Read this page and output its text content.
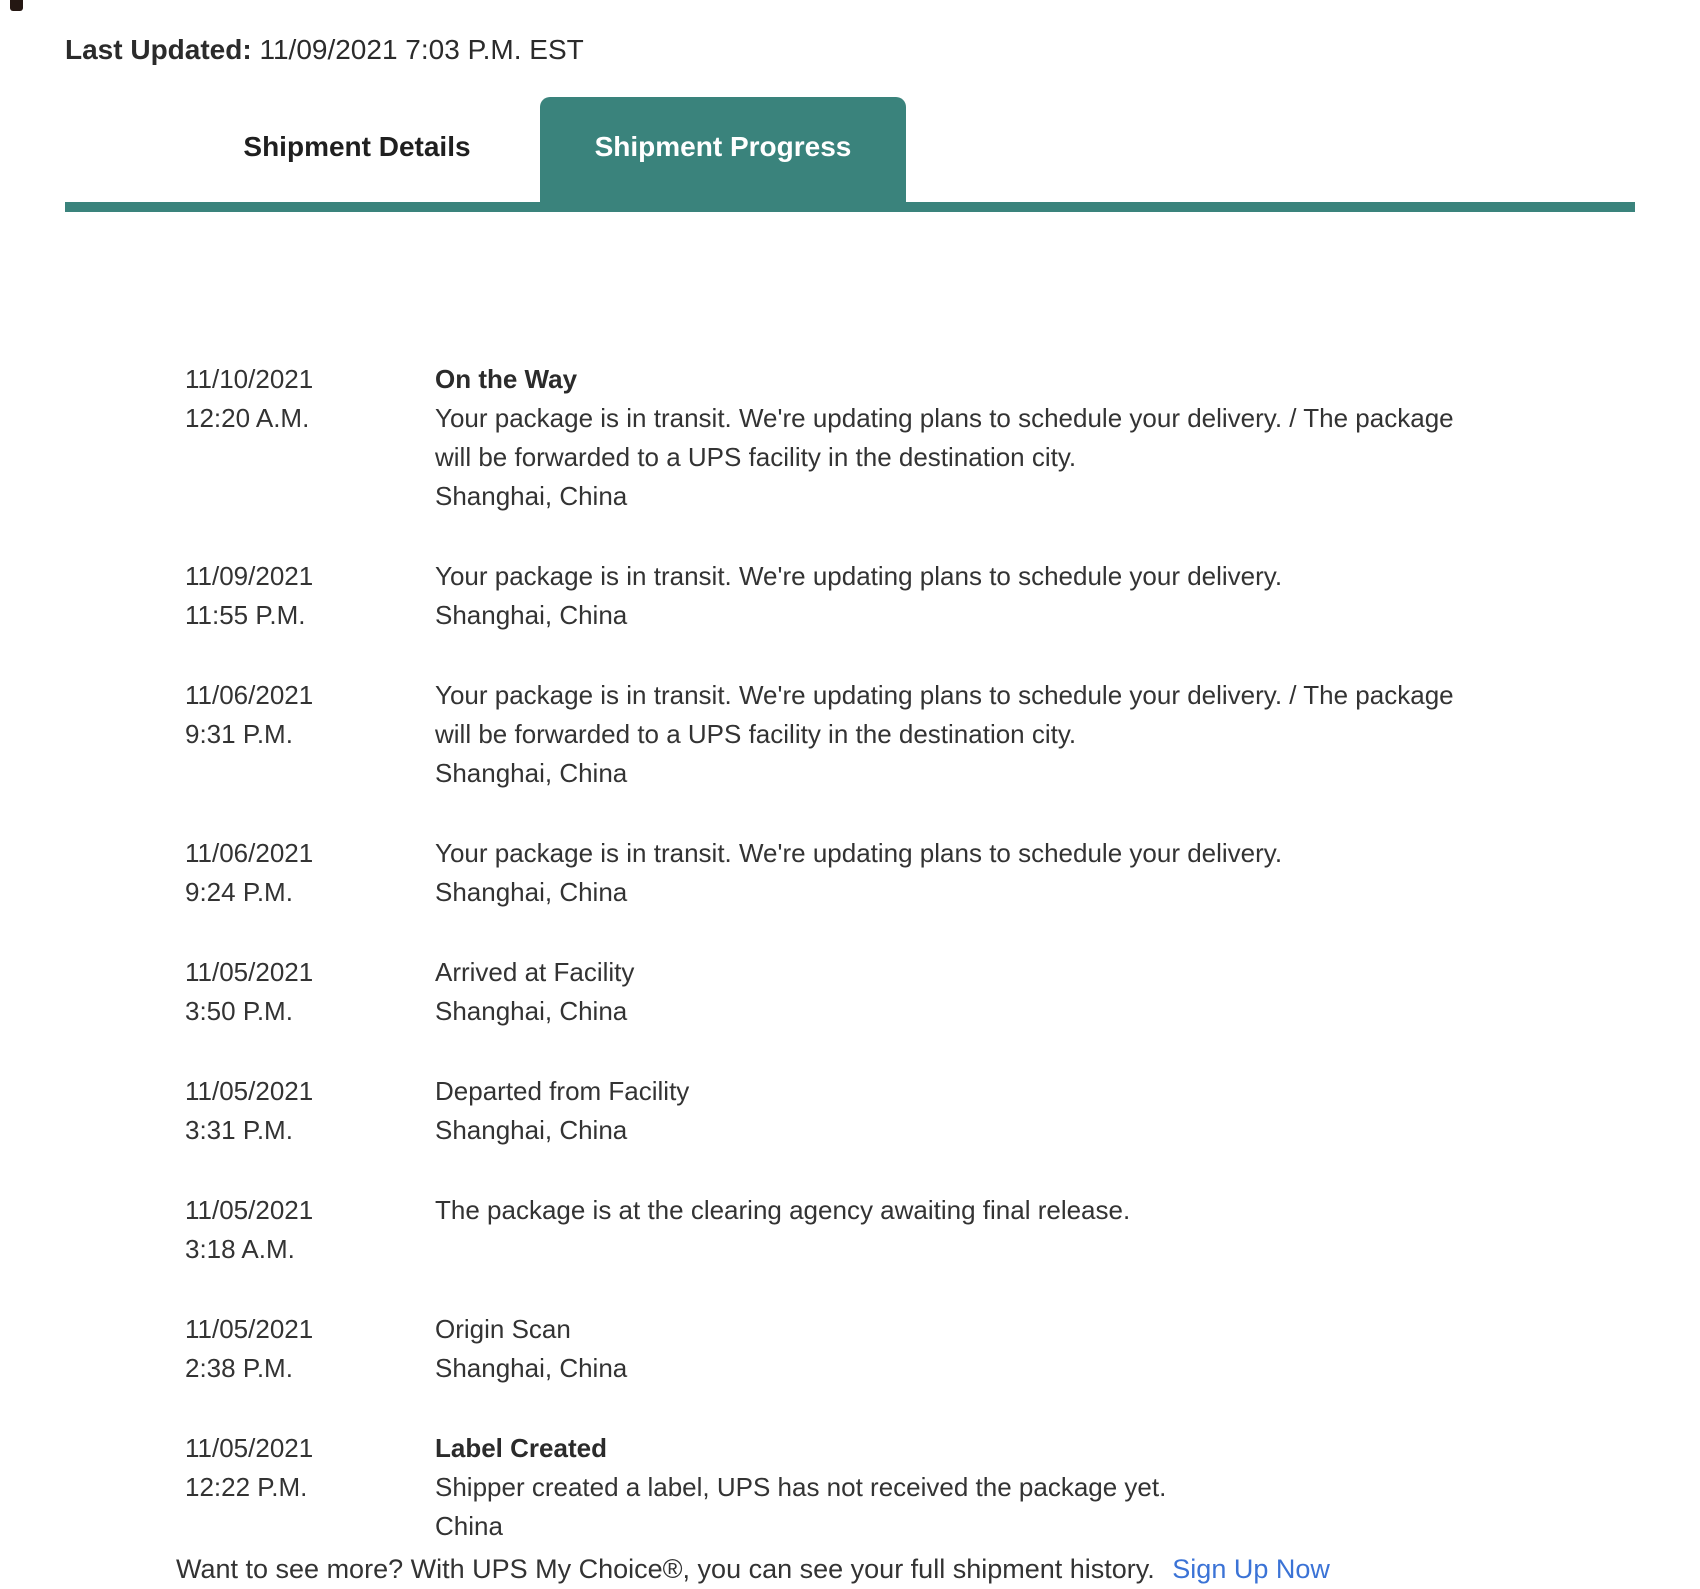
Last Updated: 11/09/2021 7:03 P.M. EST
Shipment Details	Shipment Progress
11/10/2021
12:20 A.M.
On the Way
Your package is in transit. We're updating plans to schedule your delivery. / The package will be forwarded to a UPS facility in the destination city.
Shanghai, China
11/09/2021
11:55 P.M.
Your package is in transit. We're updating plans to schedule your delivery.
Shanghai, China
11/06/2021
9:31 P.M.
Your package is in transit. We're updating plans to schedule your delivery. / The package will be forwarded to a UPS facility in the destination city.
Shanghai, China
11/06/2021
9:24 P.M.
Your package is in transit. We're updating plans to schedule your delivery.
Shanghai, China
11/05/2021
3:50 P.M.
Arrived at Facility
Shanghai, China
11/05/2021
3:31 P.M.
Departed from Facility
Shanghai, China
11/05/2021
3:18 A.M.
The package is at the clearing agency awaiting final release.
11/05/2021
2:38 P.M.
Origin Scan
Shanghai, China
11/05/2021
12:22 P.M.
Label Created
Shipper created a label, UPS has not received the package yet.
China
Want to see more? With UPS My Choice®, you can see your full shipment history. Sign Up Now
